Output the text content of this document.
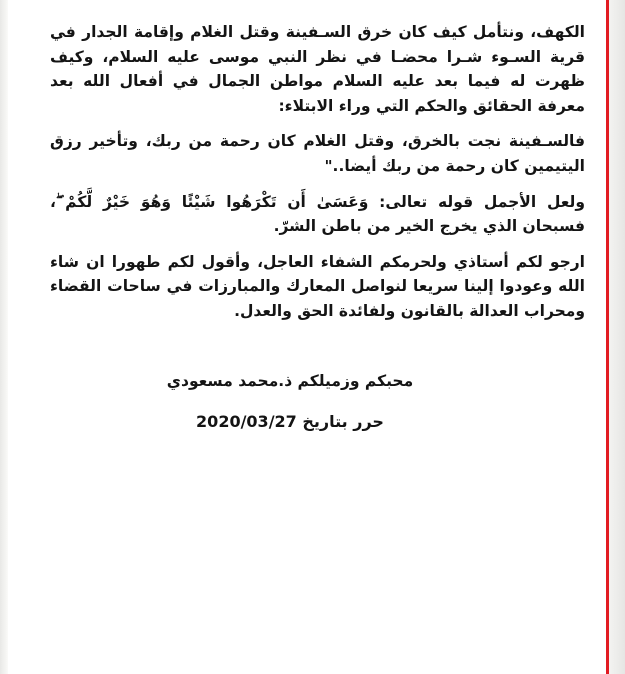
الكهف، ونتأمل كيف كان خرق السـفينة وقتل الغلام وإقامة الجدار في قرية السـوء شـرا محضـا في نظر النبي موسى عليه السلام، وكيف ظهرت له فيما بعد عليه السلام مواطن الجمال في أفعال الله بعد معرفة الحقائق والحكم التي وراء الابتلاء:

فالسـفينة نجت بالخرق، وقتل الغلام كان رحمة من ربك، وتأخير رزق اليتيمين كان رحمة من ربك أيضا.."

ولعل الأجمل قوله تعالى: وَعَسَىٰ أَن تَكْرَهُوا شَيْئًا وَهُوَ خَيْرٌ لَّكُمْ ۖ، فسبحان الذي يخرج الخير من باطن الشرّ.

ارجو لكم أستاذي ولحرمكم الشفاء العاجل، وأقول لكم طهورا ان شاء الله وعودوا إلينا سريعا لنواصل المعارك والمبارزات في ساحات القضاء ومحراب العدالة بالقانون ولفائدة الحق والعدل.

محبكم وزميلكم ذ.محمد مسعودي
حرر بتاريخ 2020/03/27
